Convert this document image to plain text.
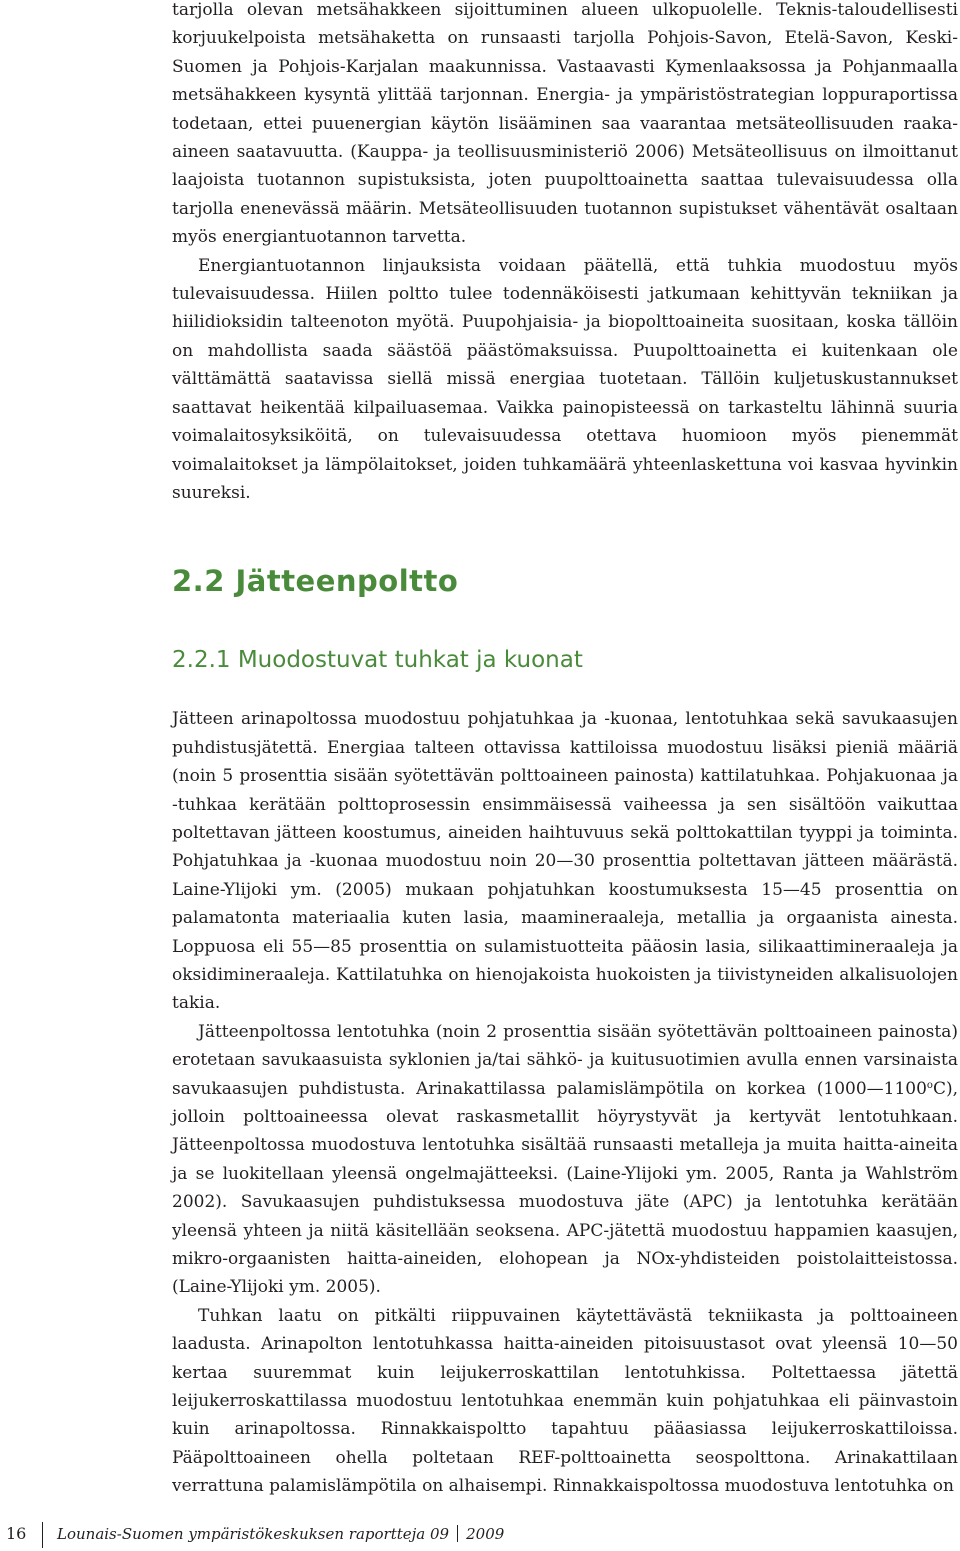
tarjolla olevan metsähakkeen sijoittuminen alueen ulkopuolelle. Teknis-taloudellisesti korjuukelpoista metsähaketta on runsaasti tarjolla Pohjois-Savon, Etelä-Savon, Keski-Suomen ja Pohjois-Karjalan maakunnissa. Vastaavasti Kymenlaaksossa ja Pohjanmaalla metsähakkeen kysyntä ylittää tarjonnan. Energia- ja ympäristöstrategian loppuraportissa todetaan, ettei puuenergian käytön lisääminen saa vaarantaa metsäteollisuuden raaka-aineen saatavuutta. (Kauppa- ja teollisuusministeriö 2006) Metsäteollisuus on ilmoittanut laajoista tuotannon supistuksista, joten puupolttoainetta saattaa tulevaisuudessa olla tarjolla enenevässä määrin. Metsäteollisuuden tuotannon supistukset vähentävät osaltaan myös energiantuotannon tarvetta.

Energiantuotannon linjauksista voidaan päätellä, että tuhkia muodostuu myös tulevaisuudessa. Hiilen poltto tulee todennäköisesti jatkumaan kehittyvän tekniikan ja hiilidioksidin talteenoton myötä. Puupohjaisia- ja biopolttoaineita suositaan, koska tällöin on mahdollista saada säästöä päästömaksuissa. Puupolttoainetta ei kuitenkaan ole välttämättä saatavissa siellä missä energiaa tuotetaan. Tällöin kuljetuskustannukset saattavat heikentää kilpailuasemaa. Vaikka painopisteessä on tarkasteltu lähinnä suuria voimalaitosyksiköitä, on tulevaisuudessa otettava huomioon myös pienemmät voimalaitokset ja lämpölaitokset, joiden tuhkamäärä yhteenlaskettuna voi kasvaa hyvinkin suureksi.

2.2 Jätteenpoltto
2.2.1 Muodostuvat tuhkat ja kuonat

Jätteen arinapoltossa muodostuu pohjatuhkaa ja -kuonaa, lentotuhkaa sekä savukaasujen puhdistusjätettä. Energiaa talteen ottavissa kattiloissa muodostuu lisäksi pieniä määriä (noin 5 prosenttia sisään syötettävän polttoaineen painosta) kattilatuhkaa. Pohjakuonaa ja -tuhkaa kerätään polttoprosessin ensimmäisessä vaiheessa ja sen sisältöön vaikuttaa poltettavan jätteen koostumus, aineiden haihtuvuus sekä polttokattilan tyyppi ja toiminta. Pohjatuhkaa ja -kuonaa muodostuu noin 20—30 prosenttia poltettavan jätteen määrästä. Laine-Ylijoki ym. (2005) mukaan pohjatuhkan koostumuksesta 15—45 prosenttia on palamatonta materiaalia kuten lasia, maamineraaleja, metallia ja orgaanista ainesta. Loppuosa eli 55—85 prosenttia on sulamistuotteita pääosin lasia, silikaattimineraaleja ja oksidimineraaleja. Kattilatuhka on hienojakoista huokoisten ja tiivistyneiden alkalisuolojen takia.

Jätteenpoltossa lentotuhka (noin 2 prosenttia sisään syötettävän polttoaineen painosta) erotetaan savukaasuista syklonien ja/tai sähkö- ja kuitusuotimien avulla ennen varsinaista savukaasujen puhdistusta. Arinakattilassa palamislämpötila on korkea (1000—1100$^o$C), jolloin polttoaineessa olevat raskasmetallit höyrystyvät ja kertyvät lentotuhkaan. Jätteenpoltossa muodostuva lentotuhka sisältää runsaasti metalleja ja muita haitta-aineita ja se luokitellaan yleensä ongelmajätteeksi. (Laine-Ylijoki ym. 2005, Ranta ja Wahlström 2002). Savukaasujen puhdistuksessa muodostuva jäte (APC) ja lentotuhka kerätään yleensä yhteen ja niitä käsitellään seoksena. APC-jätettä muodostuu happamien kaasujen, mikro-orgaanisten haitta-aineiden, elohopean ja NOx-yhdisteiden poistolaitteistossa. (Laine-Ylijoki ym. 2005).

Tuhkan laatu on pitkälti riippuvainen käytettävästä tekniikasta ja polttoaineen laadusta. Arinapolton lentotuhkassa haitta-aineiden pitoisuustasot ovat yleensä 10—50 kertaa suuremmat kuin leijukerroskattilan lentotuhkissa. Poltettaessa jätettä leijukerroskattilassa muodostuu lentotuhkaa enemmän kuin pohjatuhkaa eli päinvastoin kuin arinapoltossa. Rinnakkaispoltto tapahtuu pääasiassa leijukerroskattiloissa. Pääpolttoaineen ohella poltetaan REF-polttoainetta seospolttona. Arinakattilaan verrattuna palamislämpötila on alhaisempi. Rinnakkaispoltossa muodostuva lentotuhka on

16 Lounais-Suomen ympäristökeskuksen raportteja 09 2009
